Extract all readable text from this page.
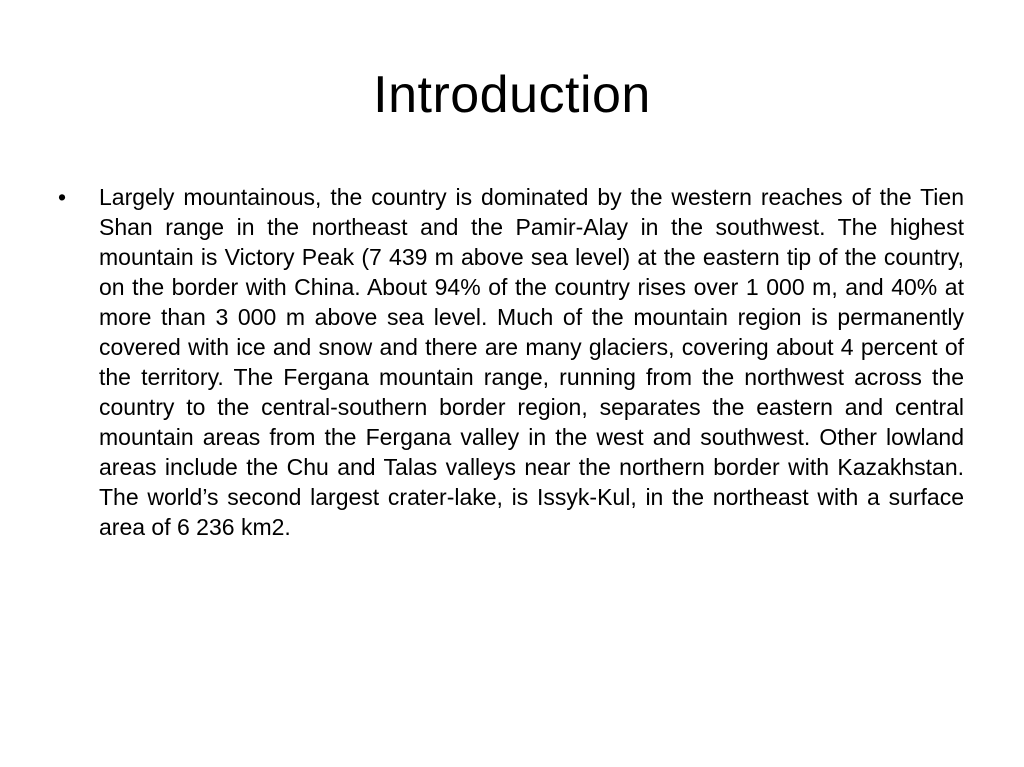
Introduction
• Largely mountainous, the country is dominated by the western reaches of the Tien Shan range in the northeast and the Pamir-Alay in the southwest. The highest mountain is Victory Peak (7 439 m above sea level) at the eastern tip of the country, on the border with China. About 94% of the country rises over 1 000 m, and 40% at more than 3 000 m above sea level. Much of the mountain region is permanently covered with ice and snow and there are many glaciers, covering about 4 percent of the territory. The Fergana mountain range, running from the northwest across the country to the central-southern border region, separates the eastern and central mountain areas from the Fergana valley in the west and southwest. Other lowland areas include the Chu and Talas valleys near the northern border with Kazakhstan. The world’s second largest crater-lake, is Issyk-Kul, in the northeast with a surface area of 6 236 km2.
